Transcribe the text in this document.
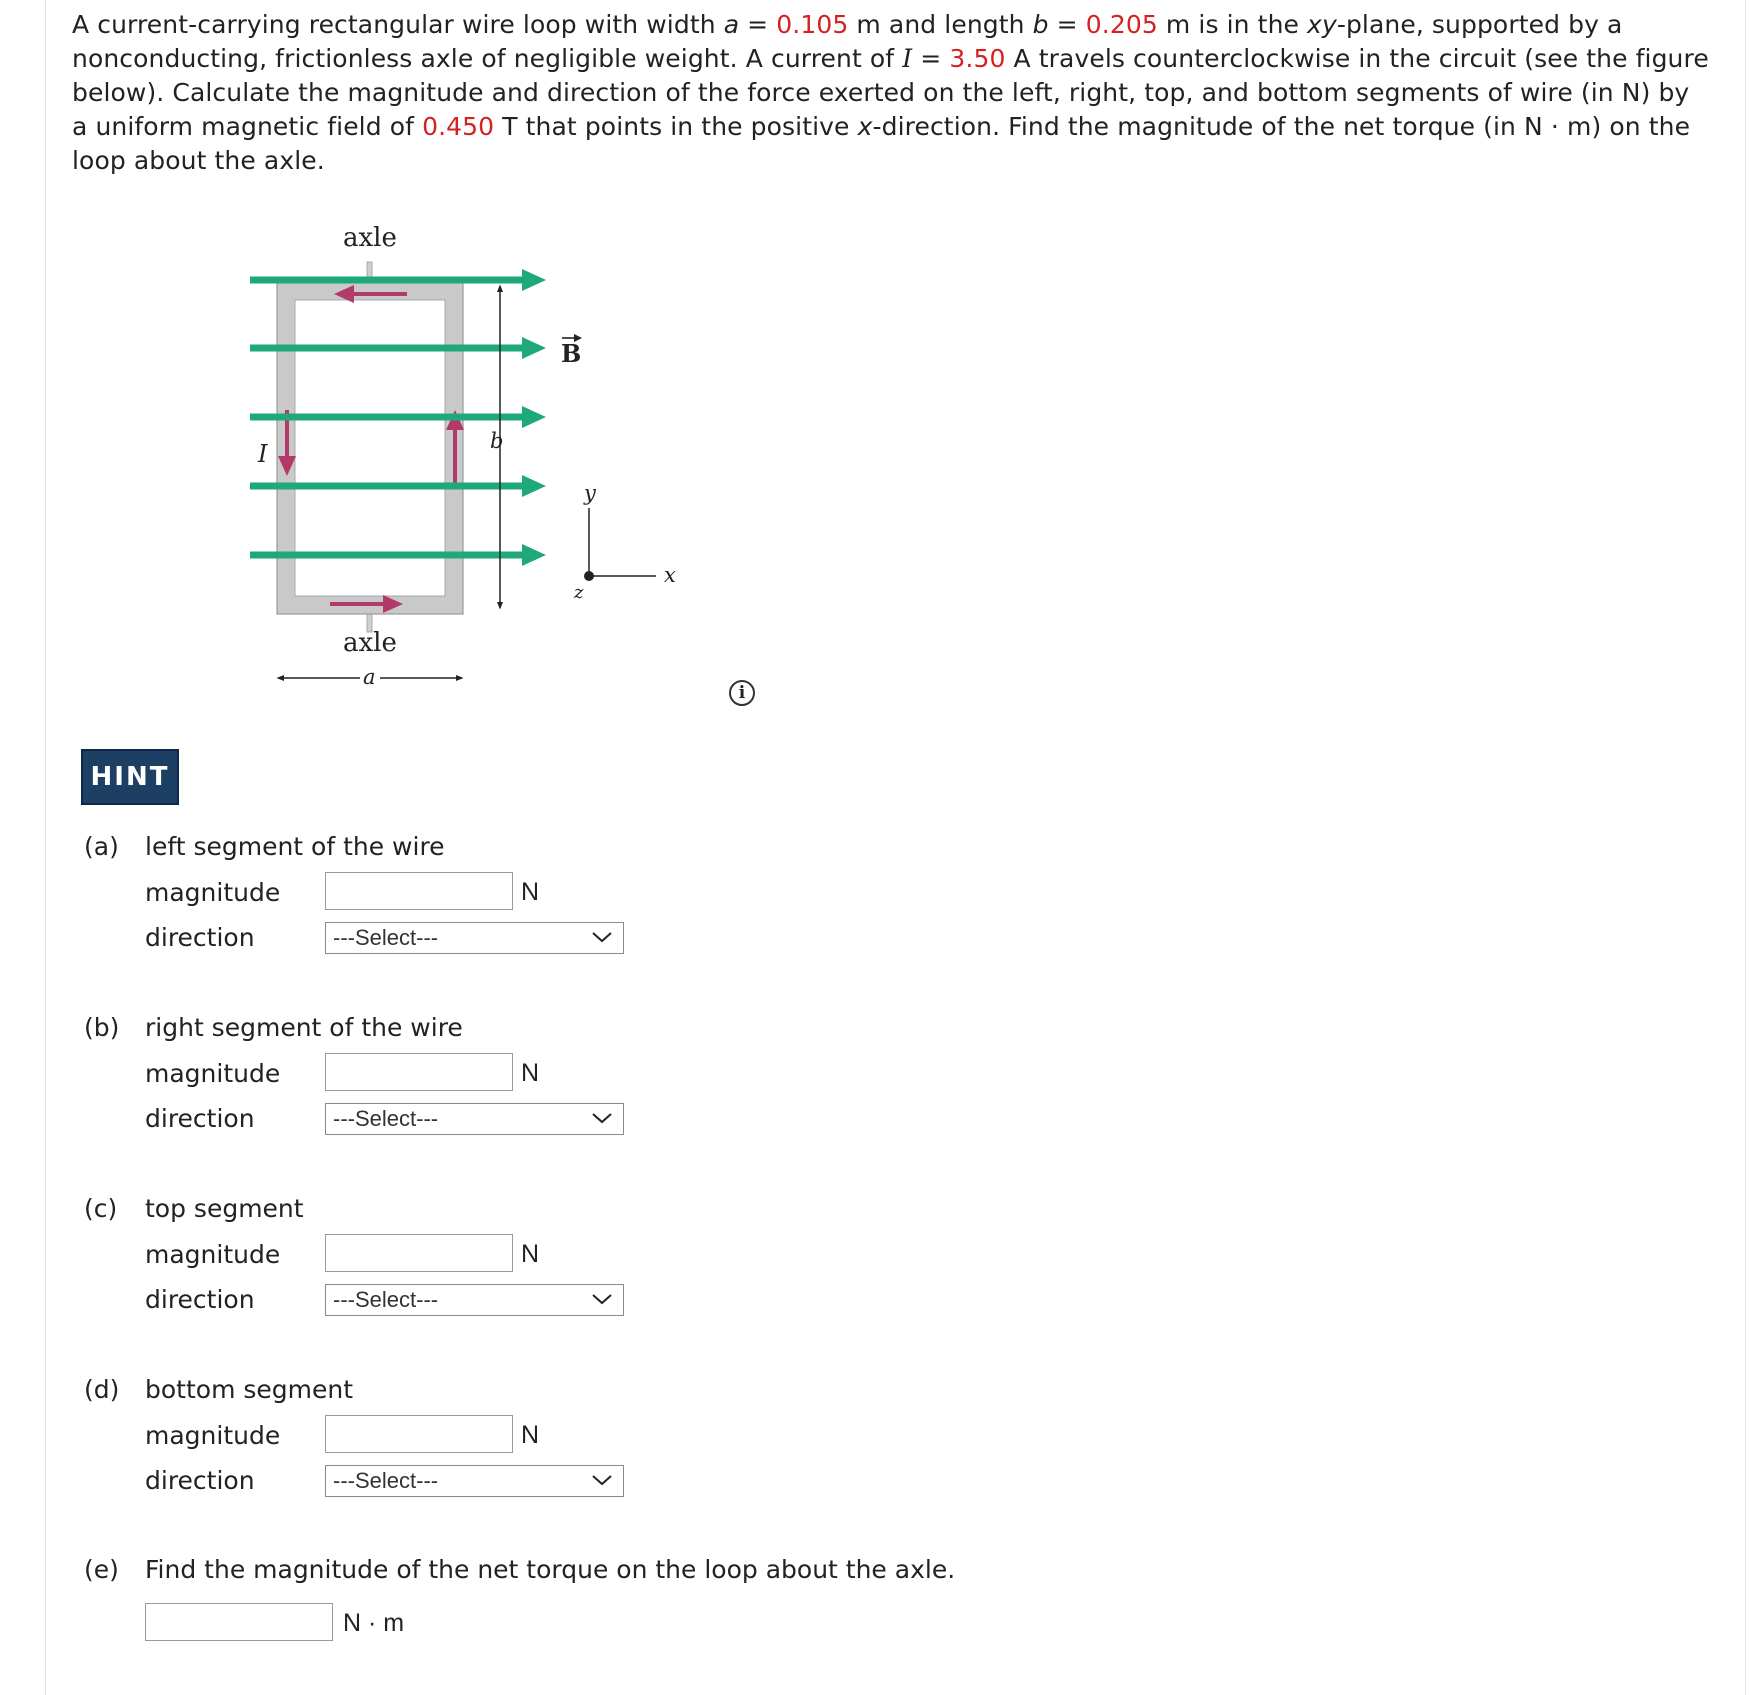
A current-carrying rectangular wire loop with width a = 0.105 m and length b = 0.205 m is in the xy-plane, supported by a nonconducting, frictionless axle of negligible weight. A current of I = 3.50 A travels counterclockwise in the circuit (see the figure below). Calculate the magnitude and direction of the force exerted on the left, right, top, and bottom segments of wire (in N) by a uniform magnetic field of 0.450 T that points in the positive x-direction. Find the magnitude of the net torque (in N · m) on the loop about the axle.
b
a
axle
axle
I
B
y
x
z
i
HINT
(a) left segment of the wire
magnitude	N
direction	---Select---
(b) right segment of the wire
magnitude	N
direction	---Select---
(c) top segment
magnitude	N
direction	---Select---
(d) bottom segment
magnitude	N
direction	---Select---
(e) Find the magnitude of the net torque on the loop about the axle.
N · m
